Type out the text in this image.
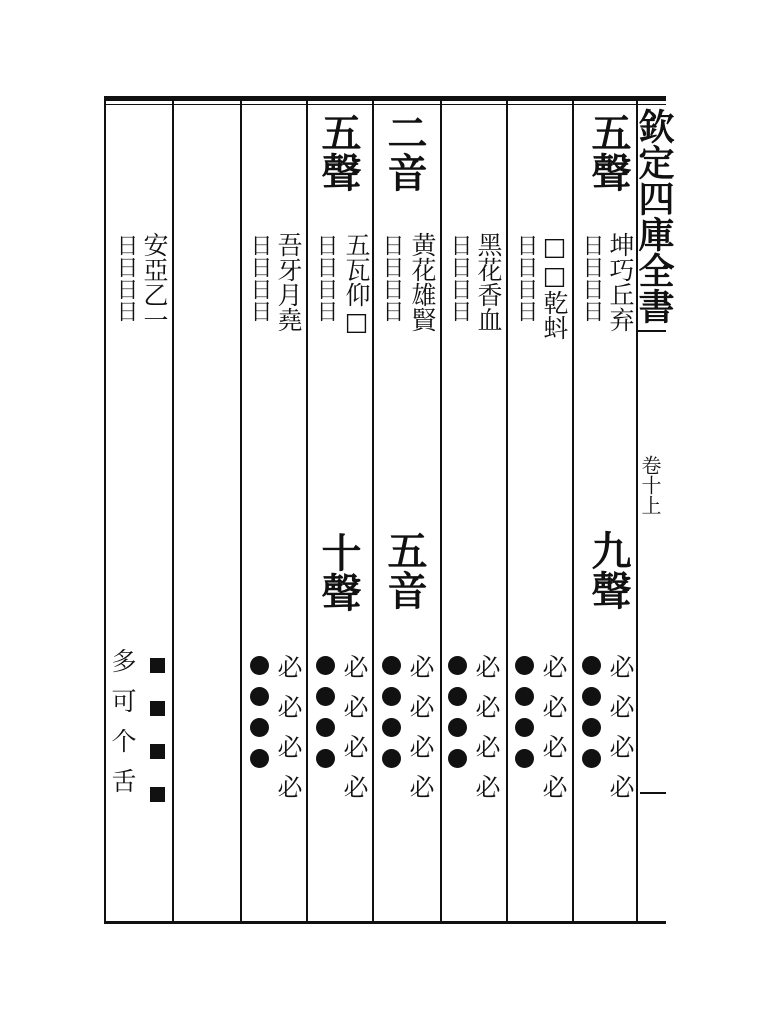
欽定四庫全書
卷十上
五聲
坤巧丘弃
日日日日
九聲
必必必必
□□乾蚪
日日日日
必必必必
黑花香血
日日日日
必必必必
二音
黄花雄賢
日日日日
五音
必必必必
五聲
五瓦仰□
日日日日
十聲
必必必必
吾牙月堯
日日日日
必必必必
安亞乙一
日日日日
多可个舌
